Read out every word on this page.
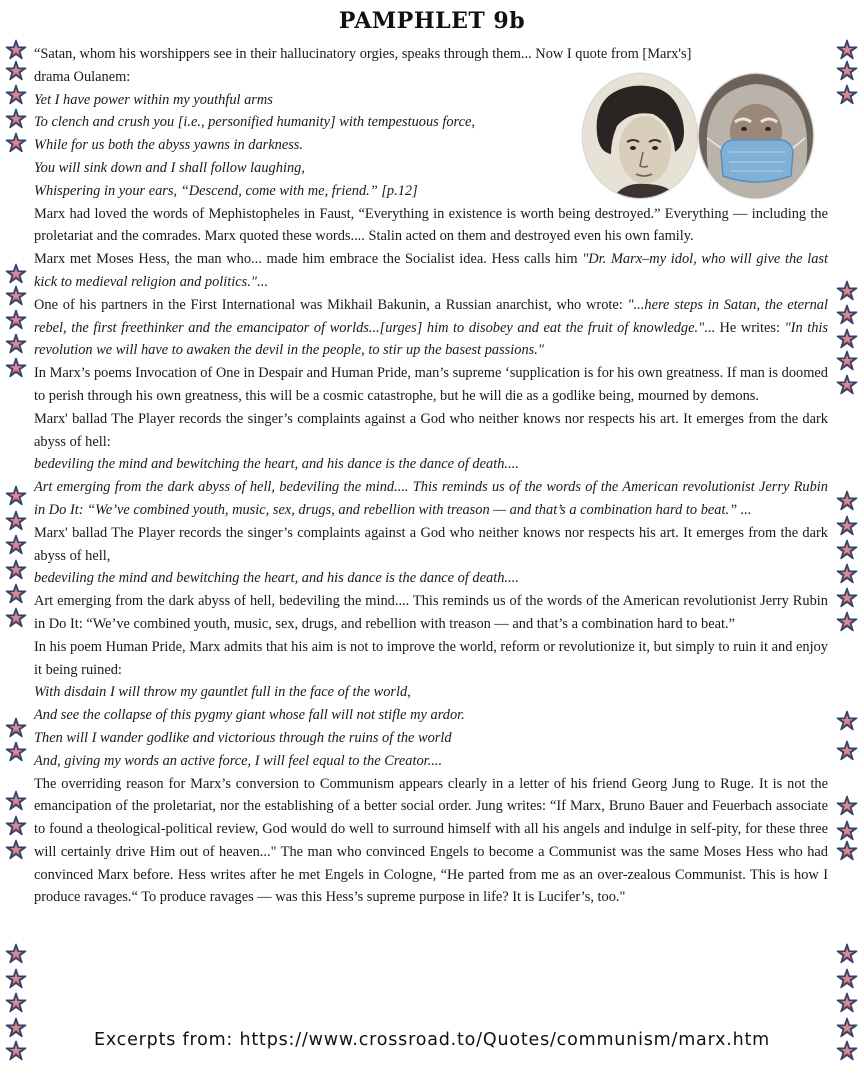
PAMPHLET 9b

“Satan, whom his worshippers see in their hallucinatory orgies, speaks through them... Now I quote from [Marx's]

drama Oulanem:

Yet I have power within my youthful arms

To clench and crush you [i.e., personified humanity] with tempestuous force,

While for us both the abyss yawns in darkness.

You will sink down and I shall follow laughing,

Whispering in your ears, “Descend, come with me, friend.” [p.12]

Marx had loved the words of Mephistopheles in Faust, “Everything in existence is worth being destroyed.” Everything — including the proletariat and the comrades. Marx quoted these words.... Stalin acted on them and destroyed even his own family.

Marx met Moses Hess, the man who... made him embrace the Socialist idea. Hess calls him "Dr. Marx–my idol, who will give the last kick to medieval religion and politics."...

One of his partners in the First International was Mikhail Bakunin, a Russian anarchist, who wrote: "...here steps in Satan, the eternal rebel, the first freethinker and the emancipator of worlds...[urges] him to disobey and eat the fruit of knowledge."... He writes: "In this revolution we will have to awaken the devil in the people, to stir up the basest passions."

In Marx’s poems Invocation of One in Despair and Human Pride, man’s supreme ‘supplication is for his own greatness. If man is doomed to perish through his own greatness, this will be a cosmic catastrophe, but he will die as a godlike being, mourned by demons.

Marx' ballad The Player records the singer’s complaints against a God who neither knows nor respects his art. It emerges from the dark abyss of hell:

bedeviling the mind and bewitching the heart, and his dance is the dance of death....

Art emerging from the dark abyss of hell, bedeviling the mind.... This reminds us of the words of the American revolutionist Jerry Rubin in Do It: “We’ve combined youth, music, sex, drugs, and rebellion with treason — and that’s a combination hard to beat.” ...

Marx' ballad The Player records the singer’s complaints against a God who neither knows nor respects his art. It emerges from the dark abyss of hell,

bedeviling the mind and bewitching the heart, and his dance is the dance of death....

Art emerging from the dark abyss of hell, bedeviling the mind.... This reminds us of the words of the American revolutionist Jerry Rubin in Do It: “We’ve combined youth, music, sex, drugs, and rebellion with treason — and that’s a combination hard to beat.”

In his poem Human Pride, Marx admits that his aim is not to improve the world, reform or revolutionize it, but simply to ruin it and enjoy it being ruined:

With disdain I will throw my gauntlet full in the face of the world,

And see the collapse of this pygmy giant whose fall will not stifle my ardor.

Then will I wander godlike and victorious through the ruins of the world

And, giving my words an active force, I will feel equal to the Creator....

The overriding reason for Marx’s conversion to Communism appears clearly in a letter of his friend Georg Jung to Ruge. It is not the emancipation of the proletariat, nor the establishing of a better social order. Jung writes: “If Marx, Bruno Bauer and Feuerbach associate to found a theological-political review, God would do well to surround himself with all his angels and indulge in self-pity, for these three will certainly drive Him out of heaven..." The man who convinced Engels to become a Communist was the same Moses Hess who had convinced Marx before. Hess writes after he met Engels in Cologne, “He parted from me as an over-zealous Communist. This is how I produce ravages.“ To produce ravages — was this Hess’s supreme purpose in life? It is Lucifer’s, too."

Excerpts from: https://www.crossroad.to/Quotes/communism/marx.htm
